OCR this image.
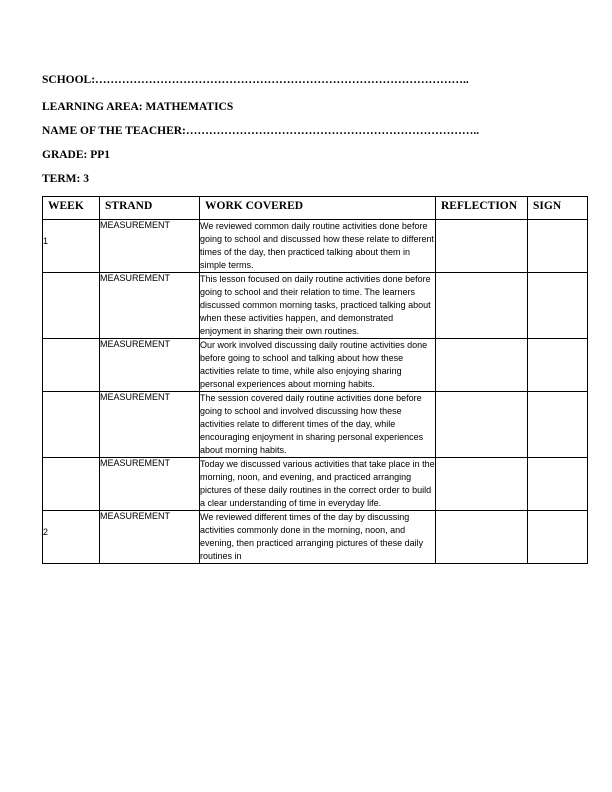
SCHOOL:……………………………………………………………………………………..
LEARNING AREA: MATHEMATICS
NAME OF THE TEACHER:…………………………………………………………………..
GRADE: PP1
TERM: 3
WEEK	STRAND	WORK COVERED	REFLECTION	SIGN

1	MEASUREMENT	We reviewed common daily routine activities done before going to school and discussed how these relate to different times of the day, then practiced talking about them in simple terms.		

	MEASUREMENT	This lesson focused on daily routine activities done before going to school and their relation to time. The learners discussed common morning tasks, practiced talking about when these activities happen, and demonstrated enjoyment in sharing their own routines.		

	MEASUREMENT	Our work involved discussing daily routine activities done before going to school and talking about how these activities relate to time, while also enjoying sharing personal experiences about morning habits.		

	MEASUREMENT	The session covered daily routine activities done before going to school and involved discussing how these activities relate to different times of the day, while encouraging enjoyment in sharing personal experiences about morning habits.		

	MEASUREMENT	Today we discussed various activities that take place in the morning, noon, and evening, and practiced arranging pictures of these daily routines in the correct order to build a clear understanding of time in everyday life.		

2	MEASUREMENT	We reviewed different times of the day by discussing activities commonly done in the morning, noon, and evening, then practiced arranging pictures of these daily routines in		
